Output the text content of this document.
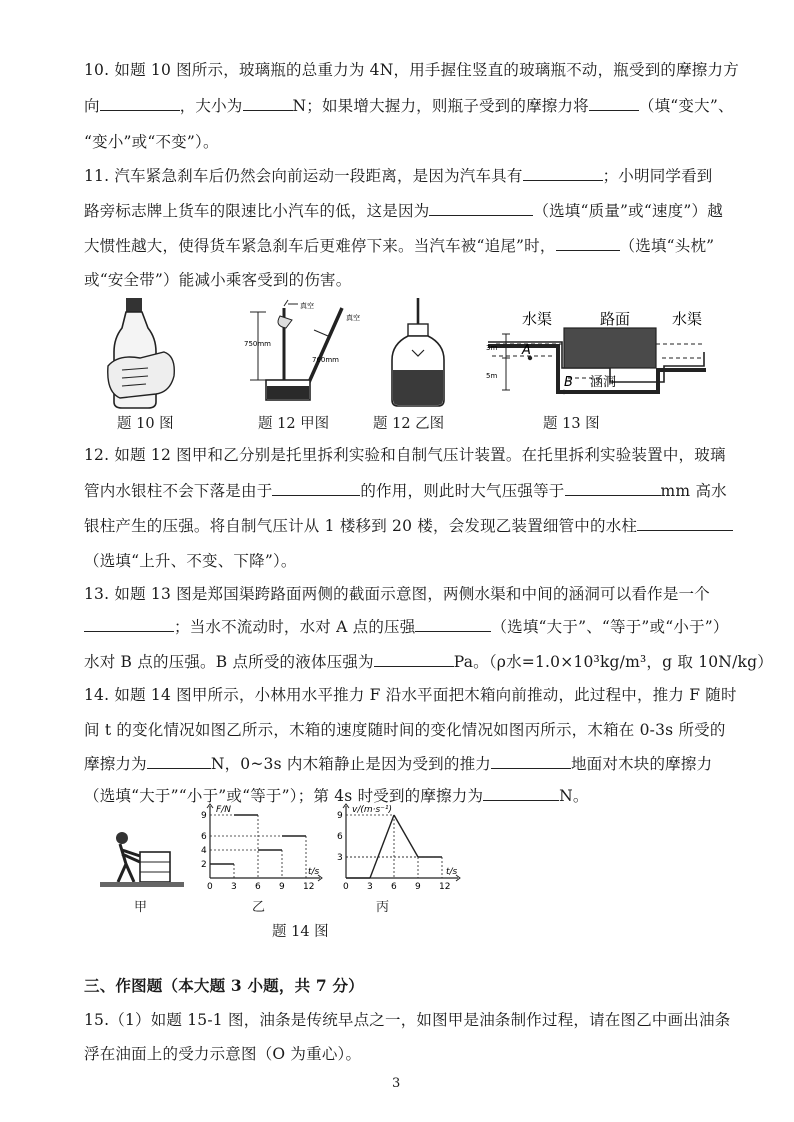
10. 如题 10 图所示，玻璃瓶的总重力为 4N，用手握住竖直的玻璃瓶不动，瓶受到的摩擦力方
向	，大小为	N；如果增大握力，则瓶子受到的摩擦力将	（填“变大”、
“变小”或“不变”）。
11. 汽车紧急刹车后仍然会向前运动一段距离，是因为汽车具有	；小明同学看到
路旁标志牌上货车的限速比小汽车的低，这是因为	（选填“质量”或“速度”）越
大惯性越大，使得货车紧急刹车后更难停下来。当汽车被“追尾”时，	（选填“头枕”
或“安全带”）能减小乘客受到的伤害。
题 10 图
真空
真空
750mm
760mm
题 12 甲图	题 12 乙图
水渠	路面	水渠
A
B 涵洞
3m
5m
题 13 图
12. 如题 12 图甲和乙分别是托里拆利实验和自制气压计装置。在托里拆利实验装置中，玻璃
管内水银柱不会下落是由于	的作用，则此时大气压强等于	mm 高水
银柱产生的压强。将自制气压计从 1 楼移到 20 楼，会发现乙装置细管中的水柱
（选填“上升、不变、下降”）。
13. 如题 13 图是郑国渠跨路面两侧的截面示意图，两侧水渠和中间的涵洞可以看作是一个
；当水不流动时，水对 A 点的压强	（选填“大于”、“等于”或“小于”）
水对 B 点的压强。B 点所受的液体压强为	Pa。（ρ水=1.0×10³kg/m³，g 取 10N/kg）
14. 如题 14 图甲所示，小林用水平推力 F 沿水平面把木箱向前推动，此过程中，推力 F 随时
间 t 的变化情况如图乙所示，木箱的速度随时间的变化情况如图丙所示，木箱在 0-3s 所受的
摩擦力为	N，0~3s 内木箱静止是因为受到的推力	地面对木块的摩擦力
（选填“大于”“小于”或“等于”）；第 4s 时受到的摩擦力为	N。
甲
F/N
t/s
0 3 6 9 12
2
4
6
9
乙
v/(m·s⁻¹)
t/s
0 3 6 9 12
3
6
9
丙
题 14 图
三、作图题（本大题 3 小题，共 7 分）
15.（1）如题 15-1 图，油条是传统早点之一，如图甲是油条制作过程，请在图乙中画出油条
浮在油面上的受力示意图（O 为重心）。
3
